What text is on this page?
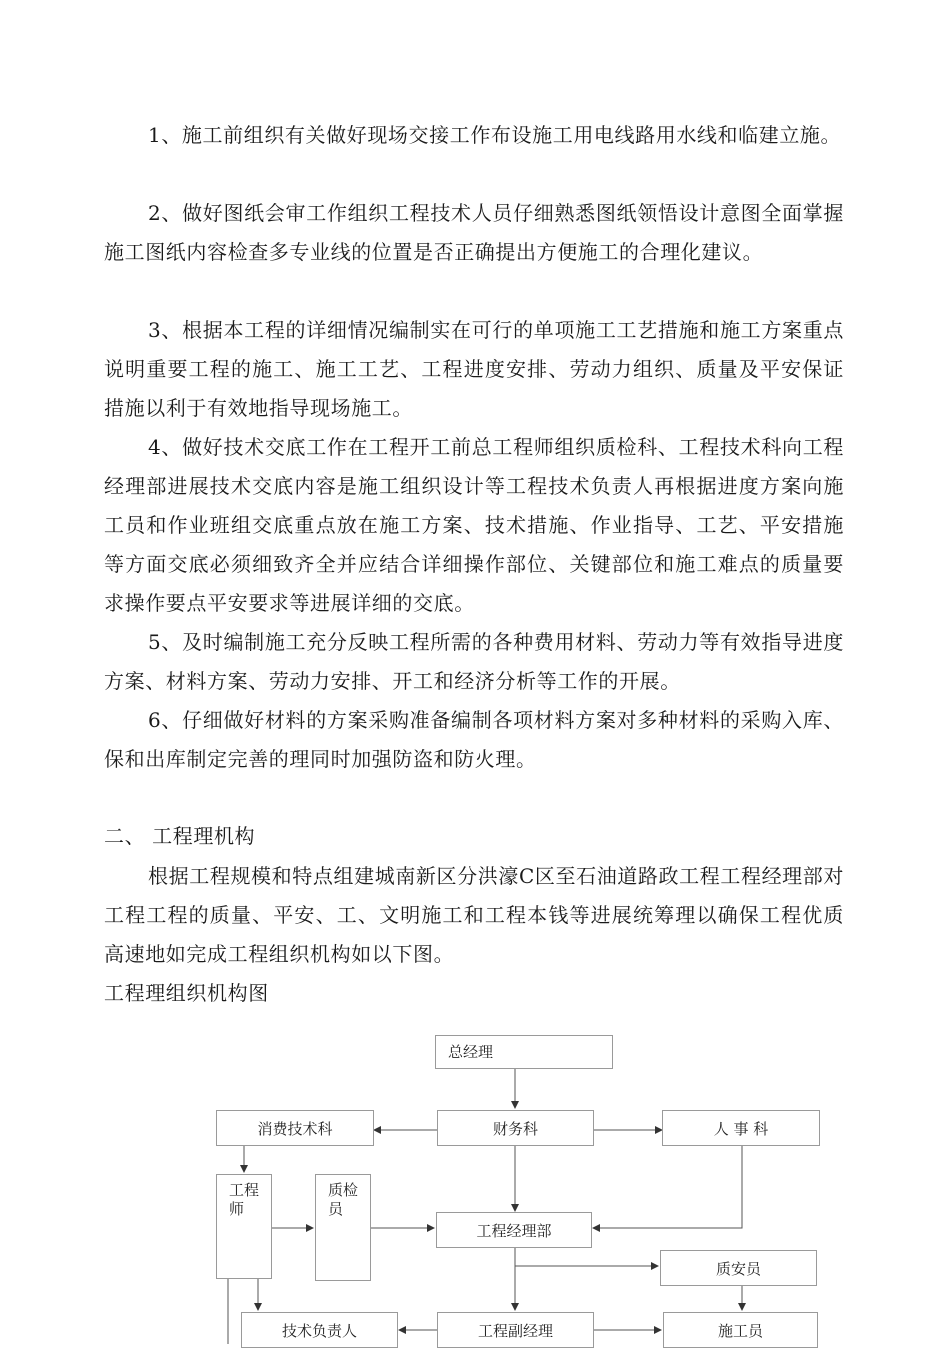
1、施工前组织有关做好现场交接工作布设施工用电线路用水线和临建立施。

2、做好图纸会审工作组织工程技术人员仔细熟悉图纸领悟设计意图全面掌握施工图纸内容检查多专业线的位置是否正确提出方便施工的合理化建议。

3、根据本工程的详细情况编制实在可行的单项施工工艺措施和施工方案重点说明重要工程的施工、施工工艺、工程进度安排、劳动力组织、质量及平安保证措施以利于有效地指导现场施工。

4、做好技术交底工作在工程开工前总工程师组织质检科、工程技术科向工程经理部进展技术交底内容是施工组织设计等工程技术负责人再根据进度方案向施工员和作业班组交底重点放在施工方案、技术措施、作业指导、工艺、平安措施等方面交底必须细致齐全并应结合详细操作部位、关键部位和施工难点的质量要求操作要点平安要求等进展详细的交底。

5、及时编制施工充分反映工程所需的各种费用材料、劳动力等有效指导进度方案、材料方案、劳动力安排、开工和经济分析等工作的开展。

6、仔细做好材料的方案采购准备编制各项材料方案对多种材料的采购入库、保和出库制定完善的理同时加强防盗和防火理。

二、 工程理机构

根据工程规模和特点组建城南新区分洪濠C区至石油道路政工程工程经理部对工程工程的质量、平安、工、文明施工和工程本钱等进展统筹理以确保工程优质高速地如完成工程组织机构如以下图。

工程理组织机构图

总经理
消费技术科	财务科	人 事 科
工程师
质检员
工程经理部
质安员
技术负责人	工程副经理	施工员
